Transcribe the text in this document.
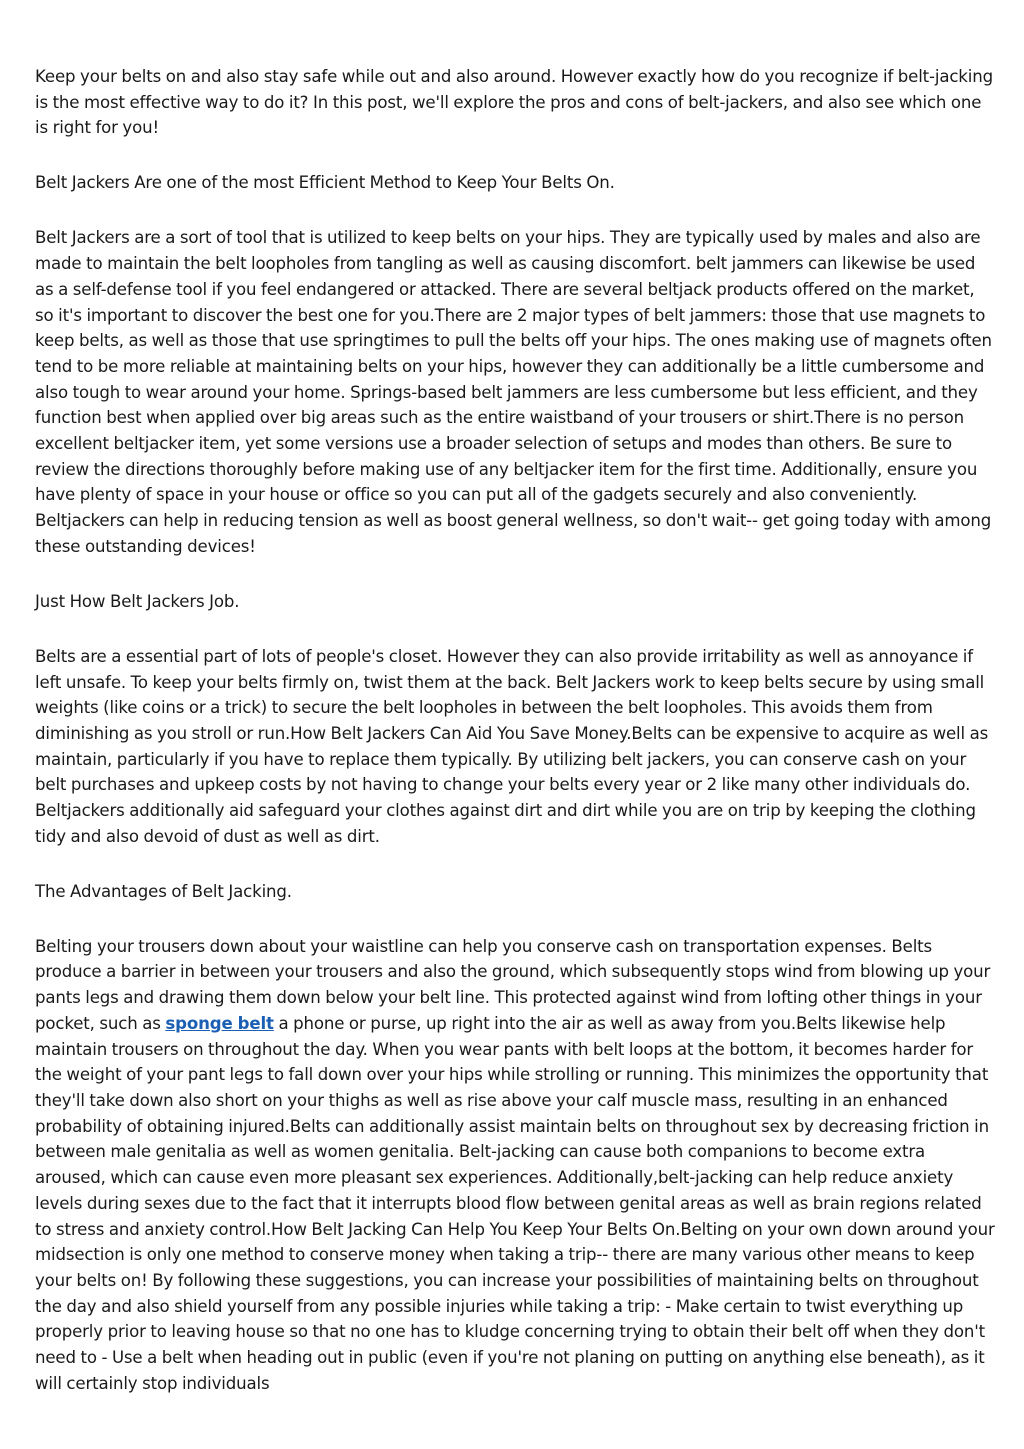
Keep your belts on and also stay safe while out and also around. However exactly how do you recognize if belt-jacking is the most effective way to do it? In this post, we'll explore the pros and cons of belt-jackers, and also see which one is right for you!

Belt Jackers Are one of the most Efficient Method to Keep Your Belts On.

Belt Jackers are a sort of tool that is utilized to keep belts on your hips. They are typically used by males and also are made to maintain the belt loopholes from tangling as well as causing discomfort. belt jammers can likewise be used as a self-defense tool if you feel endangered or attacked. There are several beltjack products offered on the market, so it's important to discover the best one for you.There are 2 major types of belt jammers: those that use magnets to keep belts, as well as those that use springtimes to pull the belts off your hips. The ones making use of magnets often tend to be more reliable at maintaining belts on your hips, however they can additionally be a little cumbersome and also tough to wear around your home. Springs-based belt jammers are less cumbersome but less efficient, and they function best when applied over big areas such as the entire waistband of your trousers or shirt.There is no person excellent beltjacker item, yet some versions use a broader selection of setups and modes than others. Be sure to review the directions thoroughly before making use of any beltjacker item for the first time. Additionally, ensure you have plenty of space in your house or office so you can put all of the gadgets securely and also conveniently. Beltjackers can help in reducing tension as well as boost general wellness, so don't wait-- get going today with among these outstanding devices!

Just How Belt Jackers Job.

Belts are a essential part of lots of people's closet. However they can also provide irritability as well as annoyance if left unsafe. To keep your belts firmly on, twist them at the back. Belt Jackers work to keep belts secure by using small weights (like coins or a trick) to secure the belt loopholes in between the belt loopholes. This avoids them from diminishing as you stroll or run.How Belt Jackers Can Aid You Save Money.Belts can be expensive to acquire as well as maintain, particularly if you have to replace them typically. By utilizing belt jackers, you can conserve cash on your belt purchases and upkeep costs by not having to change your belts every year or 2 like many other individuals do. Beltjackers additionally aid safeguard your clothes against dirt and dirt while you are on trip by keeping the clothing tidy and also devoid of dust as well as dirt.

The Advantages of Belt Jacking.

Belting your trousers down about your waistline can help you conserve cash on transportation expenses. Belts produce a barrier in between your trousers and also the ground, which subsequently stops wind from blowing up your pants legs and drawing them down below your belt line. This protected against wind from lofting other things in your pocket, such as sponge belt a phone or purse, up right into the air as well as away from you.Belts likewise help maintain trousers on throughout the day. When you wear pants with belt loops at the bottom, it becomes harder for the weight of your pant legs to fall down over your hips while strolling or running. This minimizes the opportunity that they'll take down also short on your thighs as well as rise above your calf muscle mass, resulting in an enhanced probability of obtaining injured.Belts can additionally assist maintain belts on throughout sex by decreasing friction in between male genitalia as well as women genitalia. Belt-jacking can cause both companions to become extra aroused, which can cause even more pleasant sex experiences. Additionally,belt-jacking can help reduce anxiety levels during sexes due to the fact that it interrupts blood flow between genital areas as well as brain regions related to stress and anxiety control.How Belt Jacking Can Help You Keep Your Belts On.Belting on your own down around your midsection is only one method to conserve money when taking a trip-- there are many various other means to keep your belts on! By following these suggestions, you can increase your possibilities of maintaining belts on throughout the day and also shield yourself from any possible injuries while taking a trip: - Make certain to twist everything up properly prior to leaving house so that no one has to kludge concerning trying to obtain their belt off when they don't need to - Use a belt when heading out in public (even if you're not planing on putting on anything else beneath), as it will certainly stop individuals
